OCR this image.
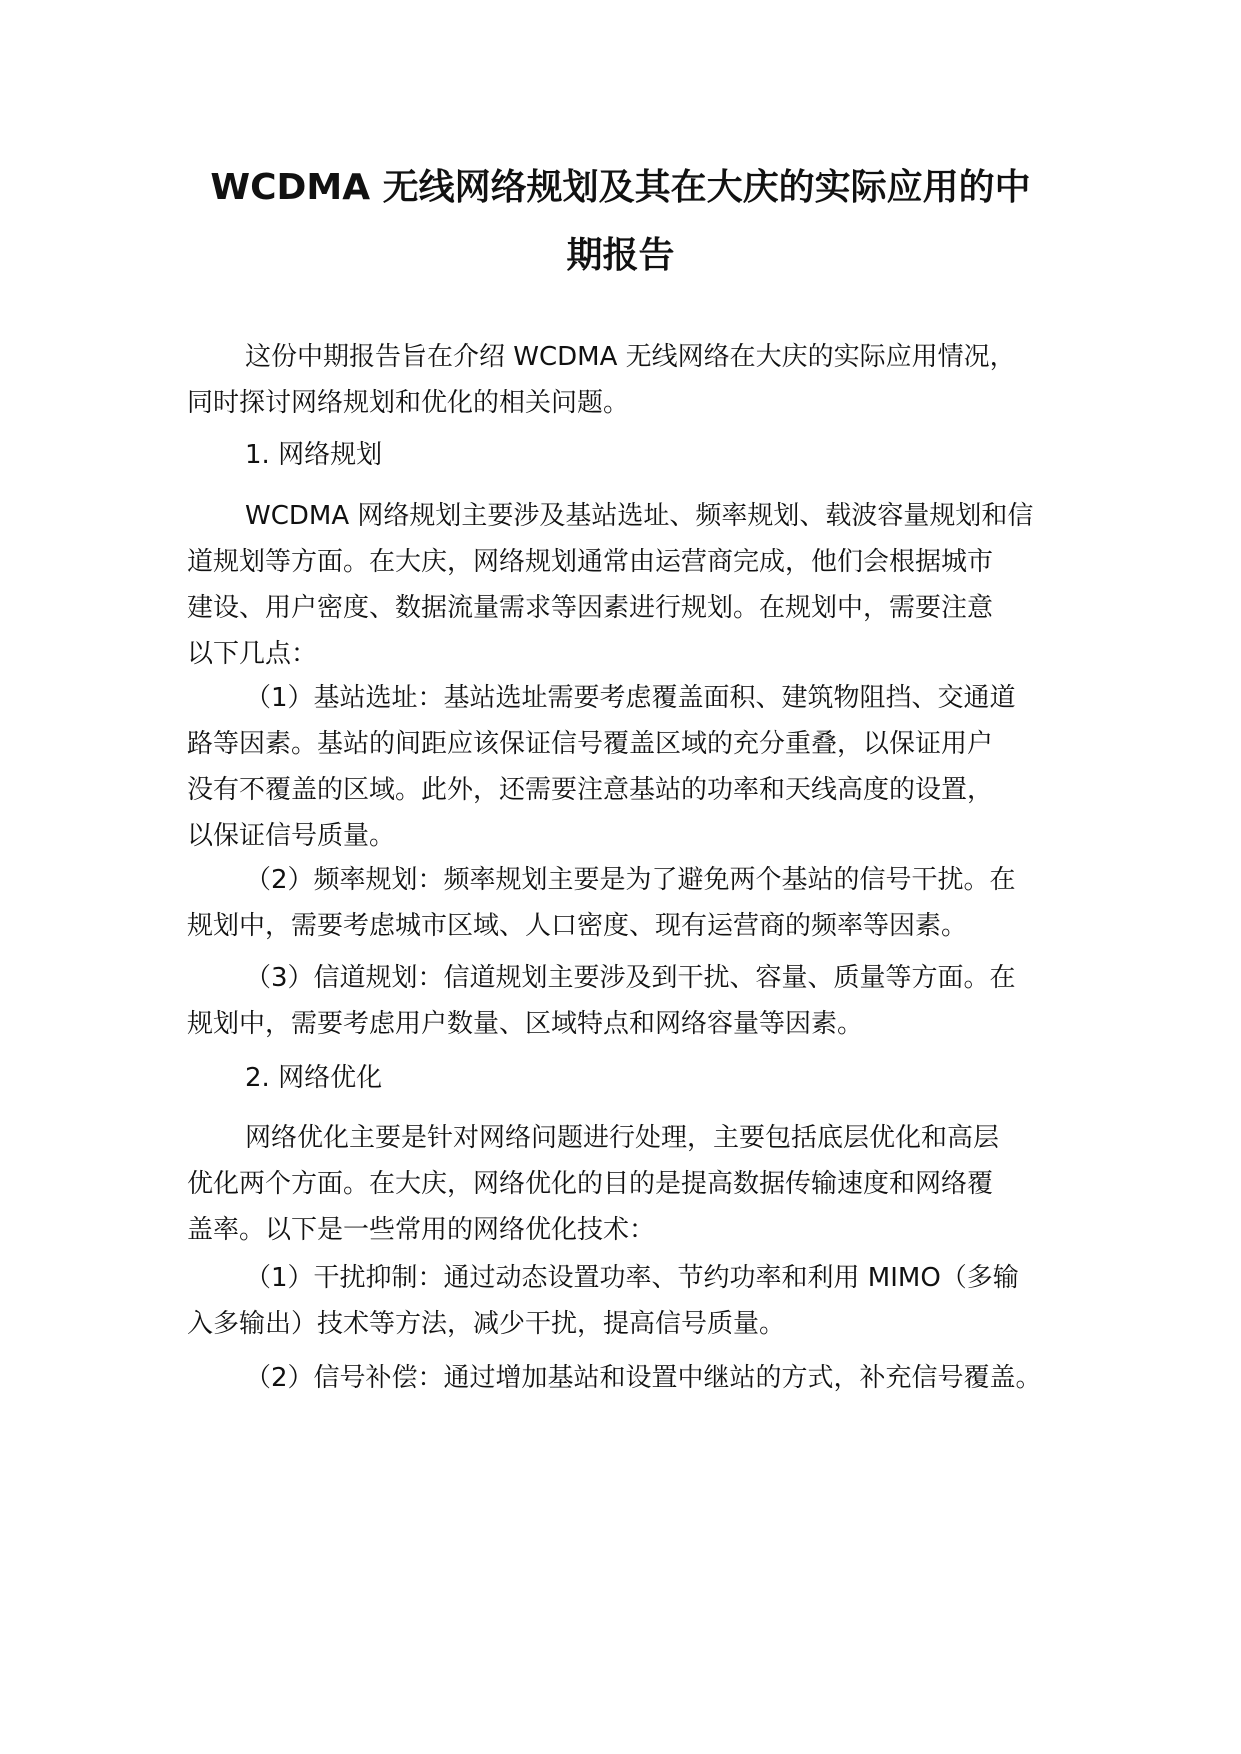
WCDMA 无线网络规划及其在大庆的实际应用的中
期报告
这份中期报告旨在介绍 WCDMA 无线网络在大庆的实际应用情况，
同时探讨网络规划和优化的相关问题。
1. 网络规划
WCDMA 网络规划主要涉及基站选址、频率规划、载波容量规划和信
道规划等方面。在大庆，网络规划通常由运营商完成，他们会根据城市
建设、用户密度、数据流量需求等因素进行规划。在规划中，需要注意
以下几点：
（1）基站选址：基站选址需要考虑覆盖面积、建筑物阻挡、交通道
路等因素。基站的间距应该保证信号覆盖区域的充分重叠，以保证用户
没有不覆盖的区域。此外，还需要注意基站的功率和天线高度的设置，
以保证信号质量。
（2）频率规划：频率规划主要是为了避免两个基站的信号干扰。在
规划中，需要考虑城市区域、人口密度、现有运营商的频率等因素。
（3）信道规划：信道规划主要涉及到干扰、容量、质量等方面。在
规划中，需要考虑用户数量、区域特点和网络容量等因素。
2. 网络优化
网络优化主要是针对网络问题进行处理，主要包括底层优化和高层
优化两个方面。在大庆，网络优化的目的是提高数据传输速度和网络覆
盖率。以下是一些常用的网络优化技术：
（1）干扰抑制：通过动态设置功率、节约功率和利用 MIMO（多输
入多输出）技术等方法，减少干扰，提高信号质量。
（2）信号补偿：通过增加基站和设置中继站的方式，补充信号覆盖。
